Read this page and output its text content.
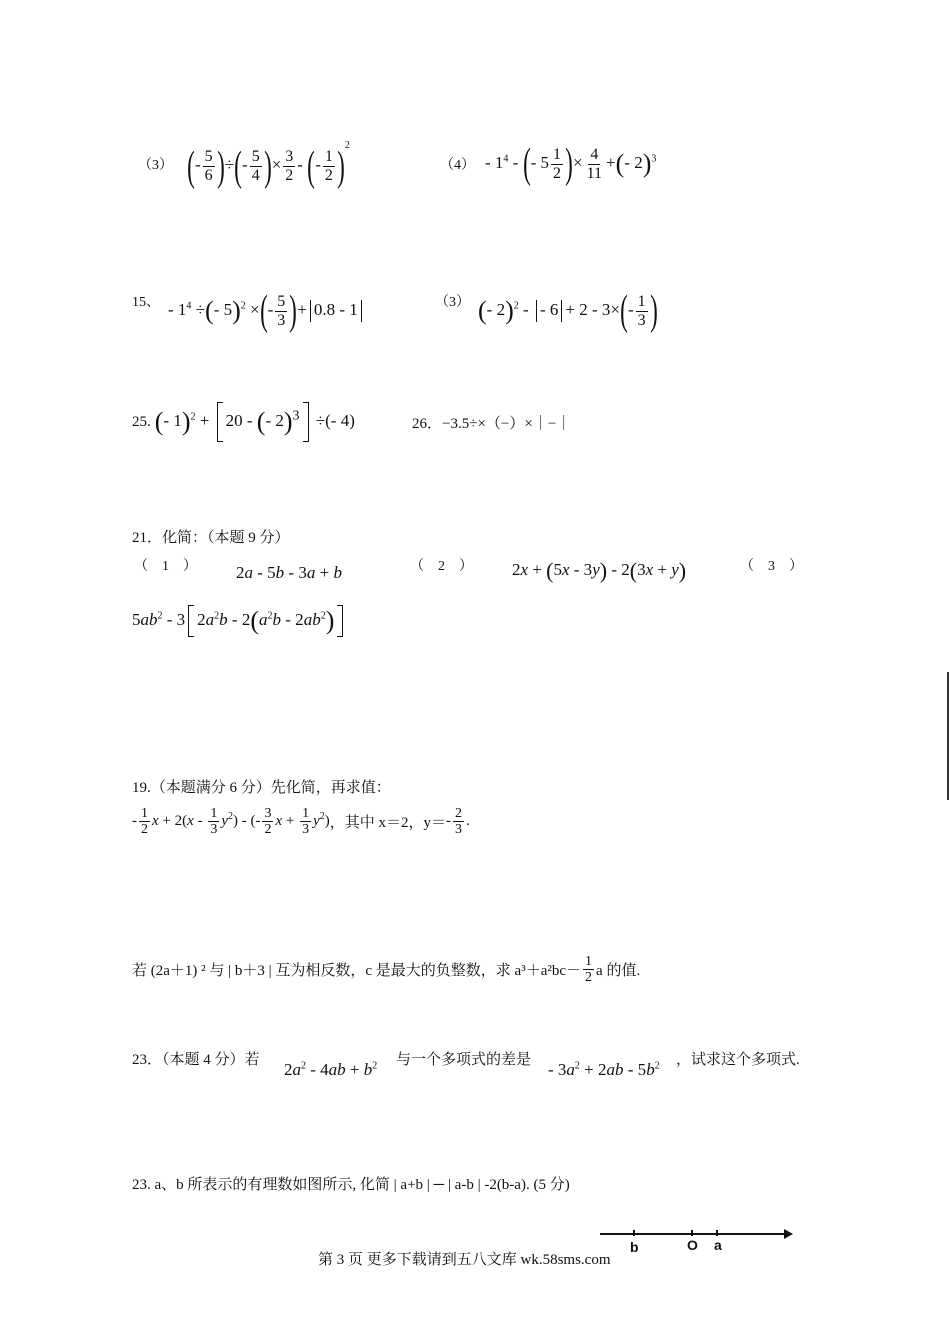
（3） (- $\frac{5}{6}$ )÷(- $\frac{5}{4}$ )× $\frac{3}{2}$ - (- $\frac{1}{2} )^2$
$(4) - 1^4$ - (- $5 \frac{1}{2}$ )× $\frac{4}{11}$ +(- 2)$^3$
15、 - $1^4$ ÷(- 5)$^2$ ×(- $\frac{5}{3}$ )+ 0.8 - 1	（3） (- 2)$^2$ - - $6 + 2 - 3\times(- \frac{1}{3}$ )
25. (- 1)$^2$ + 20 - (- 2)$^3$ ÷(- 4)	26．−3.5÷×（−）×｜−｜
21．化简：（本题 9 分）
（　1　） 2a - 5b - 3a + b	（　2　） 2x + (5x - 3y) - 2(3x + y)	（　3　）
$5ab^2 - 3$ $2a^2b - 2(a^2b - 2ab^2)$
19.（本题满分 6 分）先化简，再求值：
- $\frac{1}{2}$ $x + 2(x - \frac{1}{3} y^2)$ - (- $\frac{3}{2}$ $x + \frac{1}{3} y^2$) ，其中 x＝2，$y= - \frac{2}{3}$ .
若 (2a＋1) ² 与 | b＋3 | 互为相反数，c 是最大的负整数，求 $a^3+a^2bc- \frac{1}{2}$ a 的值.
23．（本题 4 分）若 $2a^2 - 4ab + b^2$ 与一个多项式的差是 - $3a^2 + 2ab - 5b^2$ ，试求这个多项式.
23. a、b 所表示的有理数如图所示, 化简 | a+b | ─ | a-b | -2(b-a). (5 分)
b	O a
第 3 页 更多下载请到五八文库 wk.58sms.com
